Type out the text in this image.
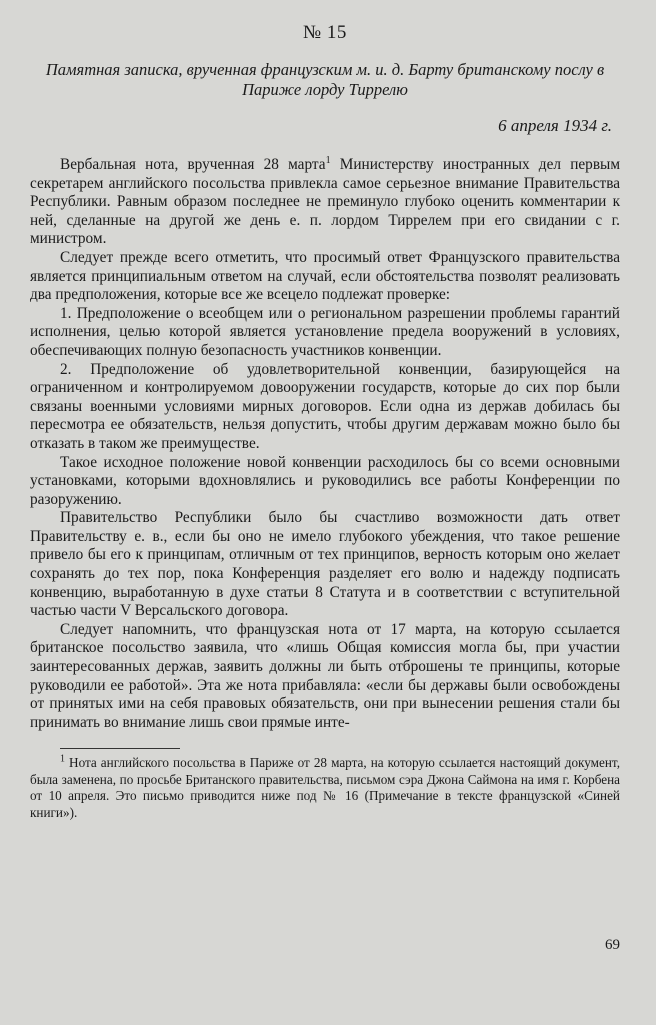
№ 15
Памятная записка, врученная французским м. и. д. Барту британскому послу в Париже лорду Тиррелю
6 апреля 1934 г.

Вербальная нота, врученная 28 марта$^1$ Министерству иностранных дел первым секретарем английского посольства привлекла самое серьезное внимание Правительства Республики. Равным образом последнее не преминуло глубоко оценить комментарии к ней, сделанные на другой же день е. п. лордом Тиррелем при его свидании с г. министром.

Следует прежде всего отметить, что просимый ответ Французского правительства является принципиальным ответом на случай, если обстоятельства позволят реализовать два предположения, которые все же всецело подлежат проверке:

1. Предположение о всеобщем или о региональном разрешении проблемы гарантий исполнения, целью которой является установление предела вооружений в условиях, обеспечивающих полную безопасность участников конвенции.

2. Предположение об удовлетворительной конвенции, базирующейся на ограниченном и контролируемом довооружении государств, которые до сих пор были связаны военными условиями мирных договоров. Если одна из держав добилась бы пересмотра ее обязательств, нельзя допустить, чтобы другим державам можно было бы отказать в таком же преимуществе.

Такое исходное положение новой конвенции расходилось бы со всеми основными установками, которыми вдохновлялись и руководились все работы Конференции по разоружению.

Правительство Республики было бы счастливо возможности дать ответ Правительству е. в., если бы оно не имело глубокого убеждения, что такое решение привело бы его к принципам, отличным от тех принципов, верность которым оно желает сохранять до тех пор, пока Конференция разделяет его волю и надежду подписать конвенцию, выработанную в духе статьи 8 Статута и в соответствии с вступительной частью части V Версальского договора.

Следует напомнить, что французская нота от 17 марта, на которую ссылается британское посольство заявила, что «лишь Общая комиссия могла бы, при участии заинтересованных держав, заявить должны ли быть отброшены те принципы, которые руководили ее работой». Эта же нота прибавляла: «если бы державы были освобождены от принятых ими на себя правовых обязательств, они при вынесении решения стали бы принимать во внимание лишь свои прямые инте-

$^1$ Нота английского посольства в Париже от 28 марта, на которую ссылается настоящий документ, была заменена, по просьбе Британского правительства, письмом сэра Джона Саймона на имя г. Корбена от 10 апреля. Это письмо приводится ниже под № 16 (Примечание в тексте французской «Синей книги»).

69
